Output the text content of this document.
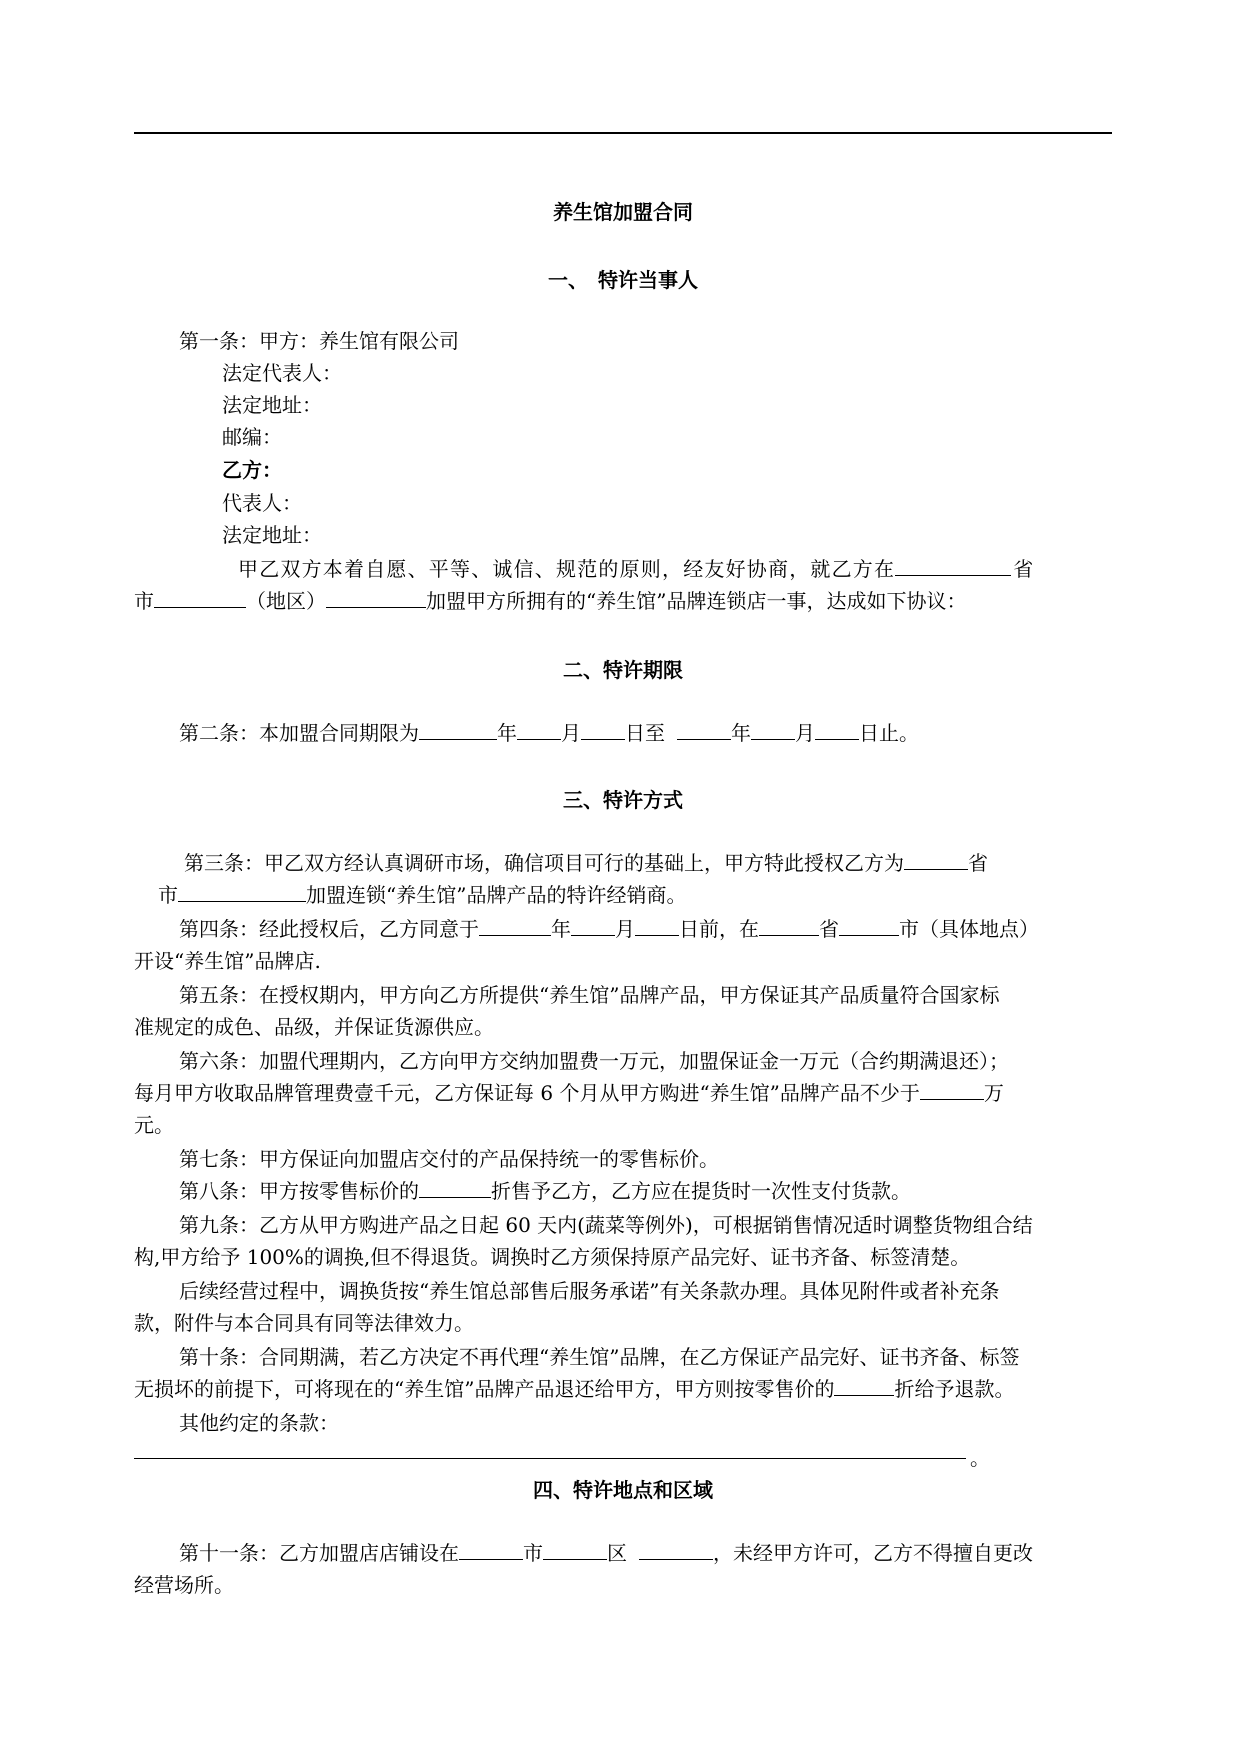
养生馆加盟合同
一、　特许当事人
第一条：甲方：养生馆有限公司
法定代表人：
法定地址：
邮编：
乙方：
代表人：
法定地址：
甲乙双方本着自愿、平等、诚信、规范的原则，经友好协商，就乙方在	省
市	（地区）	加盟甲方所拥有的“养生馆”品牌连锁店一事，达成如下协议：
二、特许期限
第二条：本加盟合同期限为	年 月 日至	年 月 日止。
三、特许方式
第三条：甲乙双方经认真调研市场，确信项目可行的基础上，甲方特此授权乙方为	省
市	加盟连锁“养生馆”品牌产品的特许经销商。
第四条：经此授权后，乙方同意于	年 月 日前，在	省	市（具体地点）
开设“养生馆”品牌店.
第五条：在授权期内，甲方向乙方所提供“养生馆”品牌产品，甲方保证其产品质量符合国家标
准规定的成色、品级，并保证货源供应。
第六条：加盟代理期内，乙方向甲方交纳加盟费一万元，加盟保证金一万元（合约期满退还）；
每月甲方收取品牌管理费壹千元，乙方保证每 6 个月从甲方购进“养生馆”品牌产品不少于	万
元。
第七条：甲方保证向加盟店交付的产品保持统一的零售标价。
第八条：甲方按零售标价的	折售予乙方，乙方应在提货时一次性支付货款。
第九条：乙方从甲方购进产品之日起 60 天内(蔬菜等例外)，可根据销售情况适时调整货物组合结
构,甲方给予 100%的调换,但不得退货。调换时乙方须保持原产品完好、证书齐备、标签清楚。
后续经营过程中，调换货按“养生馆总部售后服务承诺”有关条款办理。具体见附件或者补充条
款，附件与本合同具有同等法律效力。
第十条：合同期满，若乙方决定不再代理“养生馆”品牌，在乙方保证产品完好、证书齐备、标签
无损坏的前提下，可将现在的“养生馆”品牌产品退还给甲方，甲方则按零售价的	折给予退款。
其他约定的条款：
。
四、特许地点和区域
第十一条：乙方加盟店店铺设在	市	区	，未经甲方许可，乙方不得擅自更改
经营场所。
